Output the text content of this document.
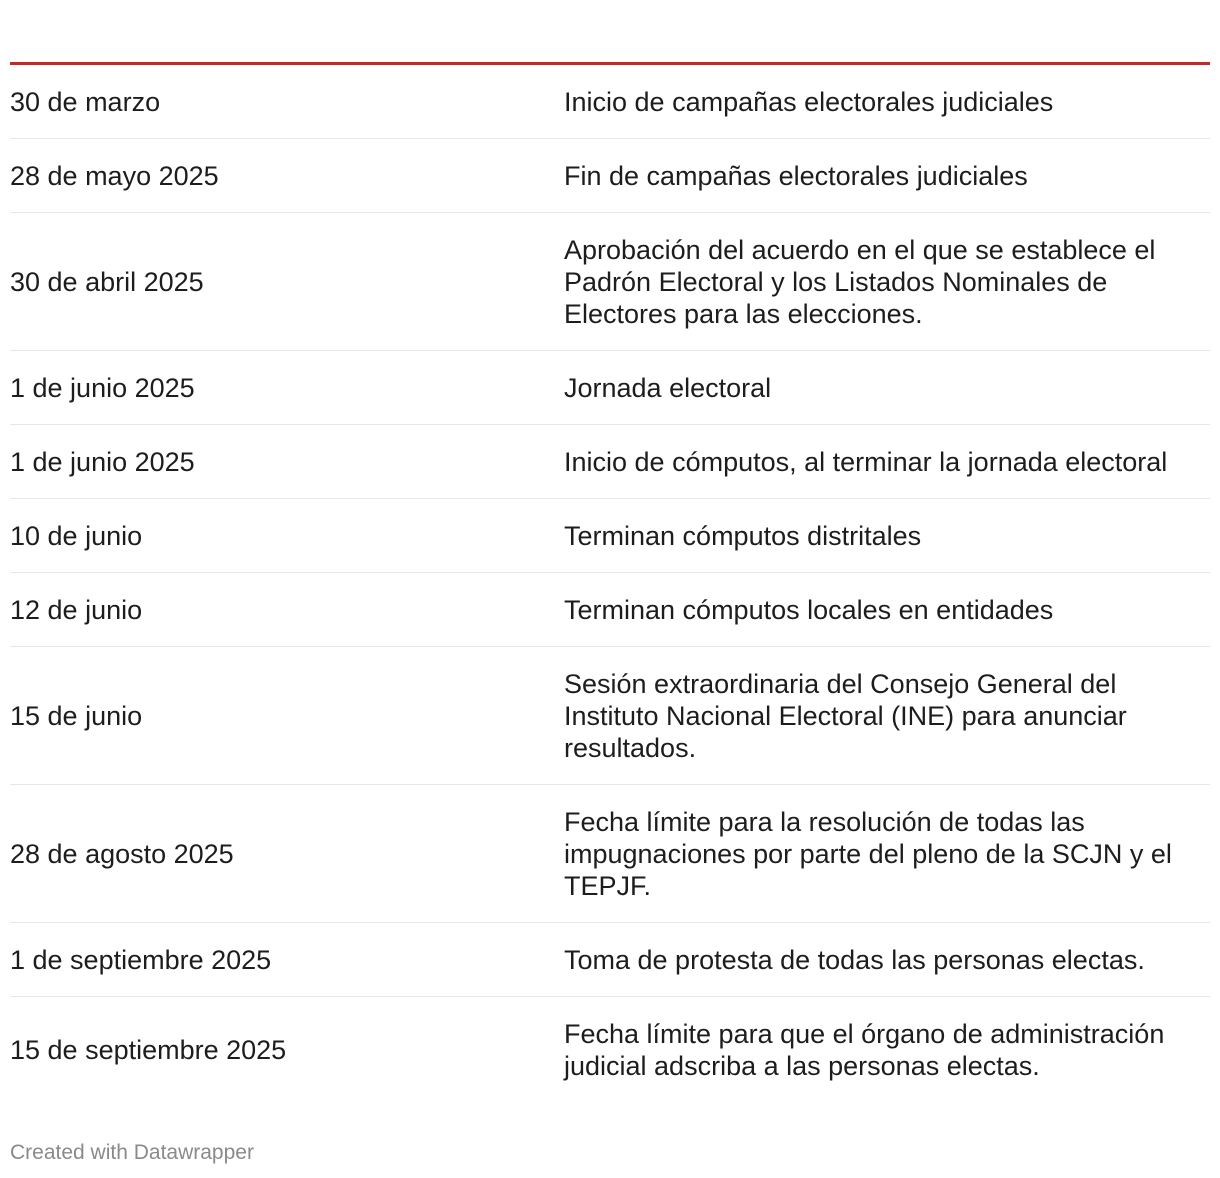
30 de marzo	Inicio de campañas electorales judiciales
28 de mayo 2025	Fin de campañas electorales judiciales
30 de abril 2025	Aprobación del acuerdo en el que se establece el Padrón Electoral y los Listados Nominales de Electores para las elecciones.
1 de junio 2025	Jornada electoral
1 de junio 2025	Inicio de cómputos, al terminar la jornada electoral
10 de junio	Terminan cómputos distritales
12 de junio	Terminan cómputos locales en entidades
15 de junio	Sesión extraordinaria del Consejo General del Instituto Nacional Electoral (INE) para anunciar resultados.
28 de agosto 2025	Fecha límite para la resolución de todas las impugnaciones por parte del pleno de la SCJN y el TEPJF.
1 de septiembre 2025	Toma de protesta de todas las personas electas.
15 de septiembre 2025	Fecha límite para que el órgano de administración judicial adscriba a las personas electas.
Created with Datawrapper
